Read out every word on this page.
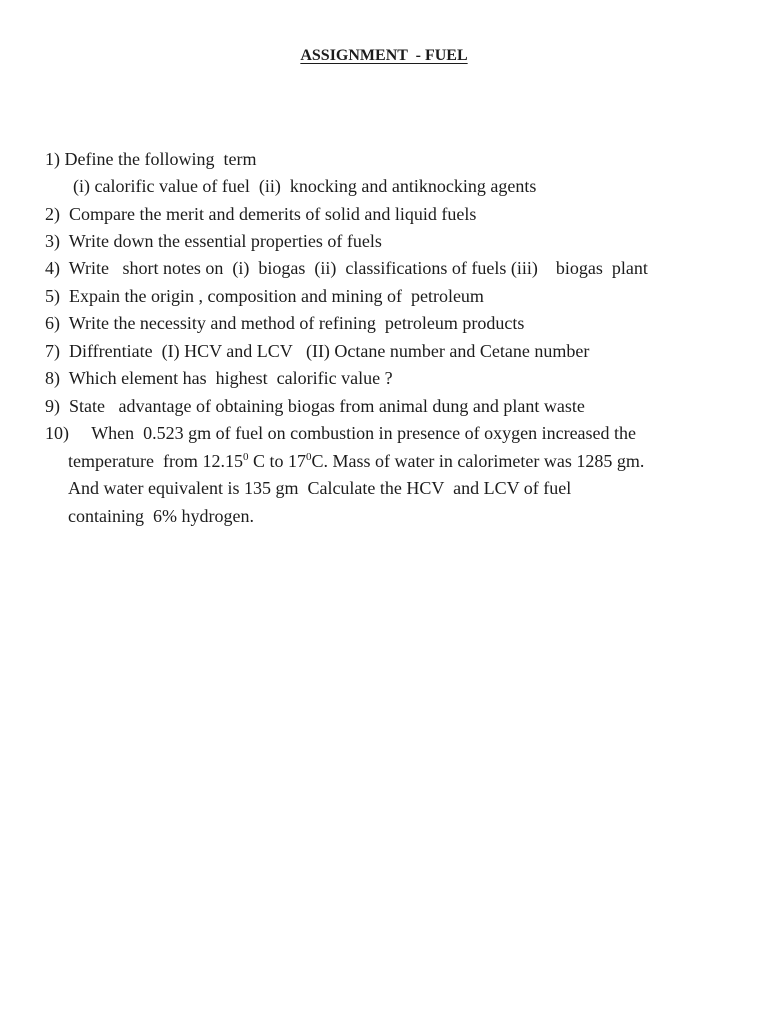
ASSIGNMENT  - FUEL
1) Define the following  term
(i) calorific value of fuel  (ii)  knocking and antiknocking agents
2) Compare the merit and demerits of solid and liquid fuels
3) Write down the essential properties of fuels
4) Write   short notes on  (i)  biogas  (ii)  classifications of fuels (iii)    biogas  plant
5) Expain the origin , composition and mining of  petroleum
6) Write the necessity and method of refining  petroleum products
7) Diffrentiate  (I) HCV and LCV   (II) Octane number and Cetane number
8) Which element has  highest  calorific value ?
9) State   advantage of obtaining biogas from animal dung and plant waste
10) When  0.523 gm of fuel on combustion in presence of oxygen increased the
temperature  from 12.15$^0$ C to $17^0C$. Mass of water in calorimeter was 1285 gm.
And water equivalent is 135 gm  Calculate the HCV  and LCV of fuel
containing  6% hydrogen.
